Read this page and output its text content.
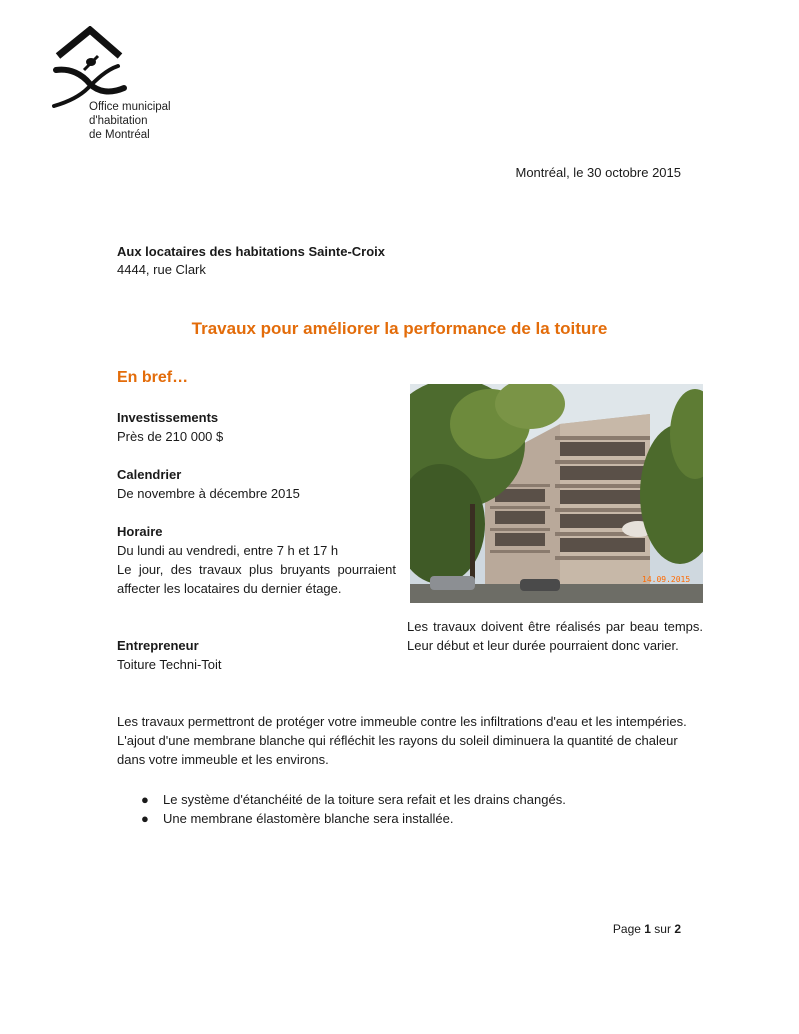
Office municipal
d'habitation
de Montréal
Montréal, le 30 octobre 2015
Aux locataires des habitations Sainte-Croix
4444, rue Clark
Travaux pour améliorer la performance de la toiture
En bref…
Investissements
Près de 210 000 $
Calendrier
De novembre à décembre 2015
Horaire
Du lundi au vendredi, entre 7 h et 17 h
Le jour, des travaux plus bruyants pourraient affecter les locataires du dernier étage.
Entrepreneur
Toiture Techni-Toit
14.09.2015
Les travaux doivent être réalisés par beau temps. Leur début et leur durée pourraient donc varier.
Les travaux permettront de protéger votre immeuble contre les infiltrations d'eau et les intempéries. L'ajout d'une membrane blanche qui réfléchit les rayons du soleil diminuera la quantité de chaleur dans votre immeuble et les environs.
● Le système d'étanchéité de la toiture sera refait et les drains changés.
● Une membrane élastomère blanche sera installée.
Page 1 sur 2
